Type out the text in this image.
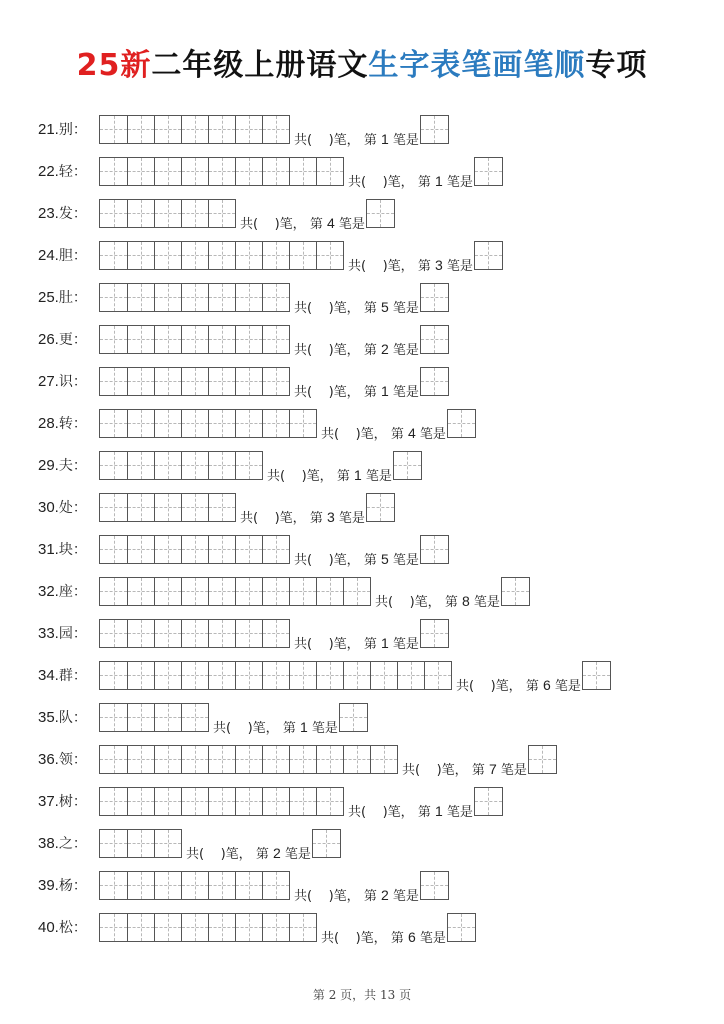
25新二年级上册语文生字表笔画笔顺专项
21.别：
共( )笔， 第 1 笔是
22.轻：
共( )笔， 第 1 笔是
23.发：
共( )笔， 第 4 笔是
24.胆：
共( )笔， 第 3 笔是
25.肚：
共( )笔， 第 5 笔是
26.更：
共( )笔， 第 2 笔是
27.识：
共( )笔， 第 1 笔是
28.转：
共( )笔， 第 4 笔是
29.夫：
共( )笔， 第 1 笔是
30.处：
共( )笔， 第 3 笔是
31.块：
共( )笔， 第 5 笔是
32.座：
共( )笔， 第 8 笔是
33.园：
共( )笔， 第 1 笔是
34.群：
共( )笔， 第 6 笔是
35.队：
共( )笔， 第 1 笔是
36.领：
共( )笔， 第 7 笔是
37.树：
共( )笔， 第 1 笔是
38.之：
共( )笔， 第 2 笔是
39.杨：
共( )笔， 第 2 笔是
40.松：
共( )笔， 第 6 笔是
第 2 页，共 13 页
